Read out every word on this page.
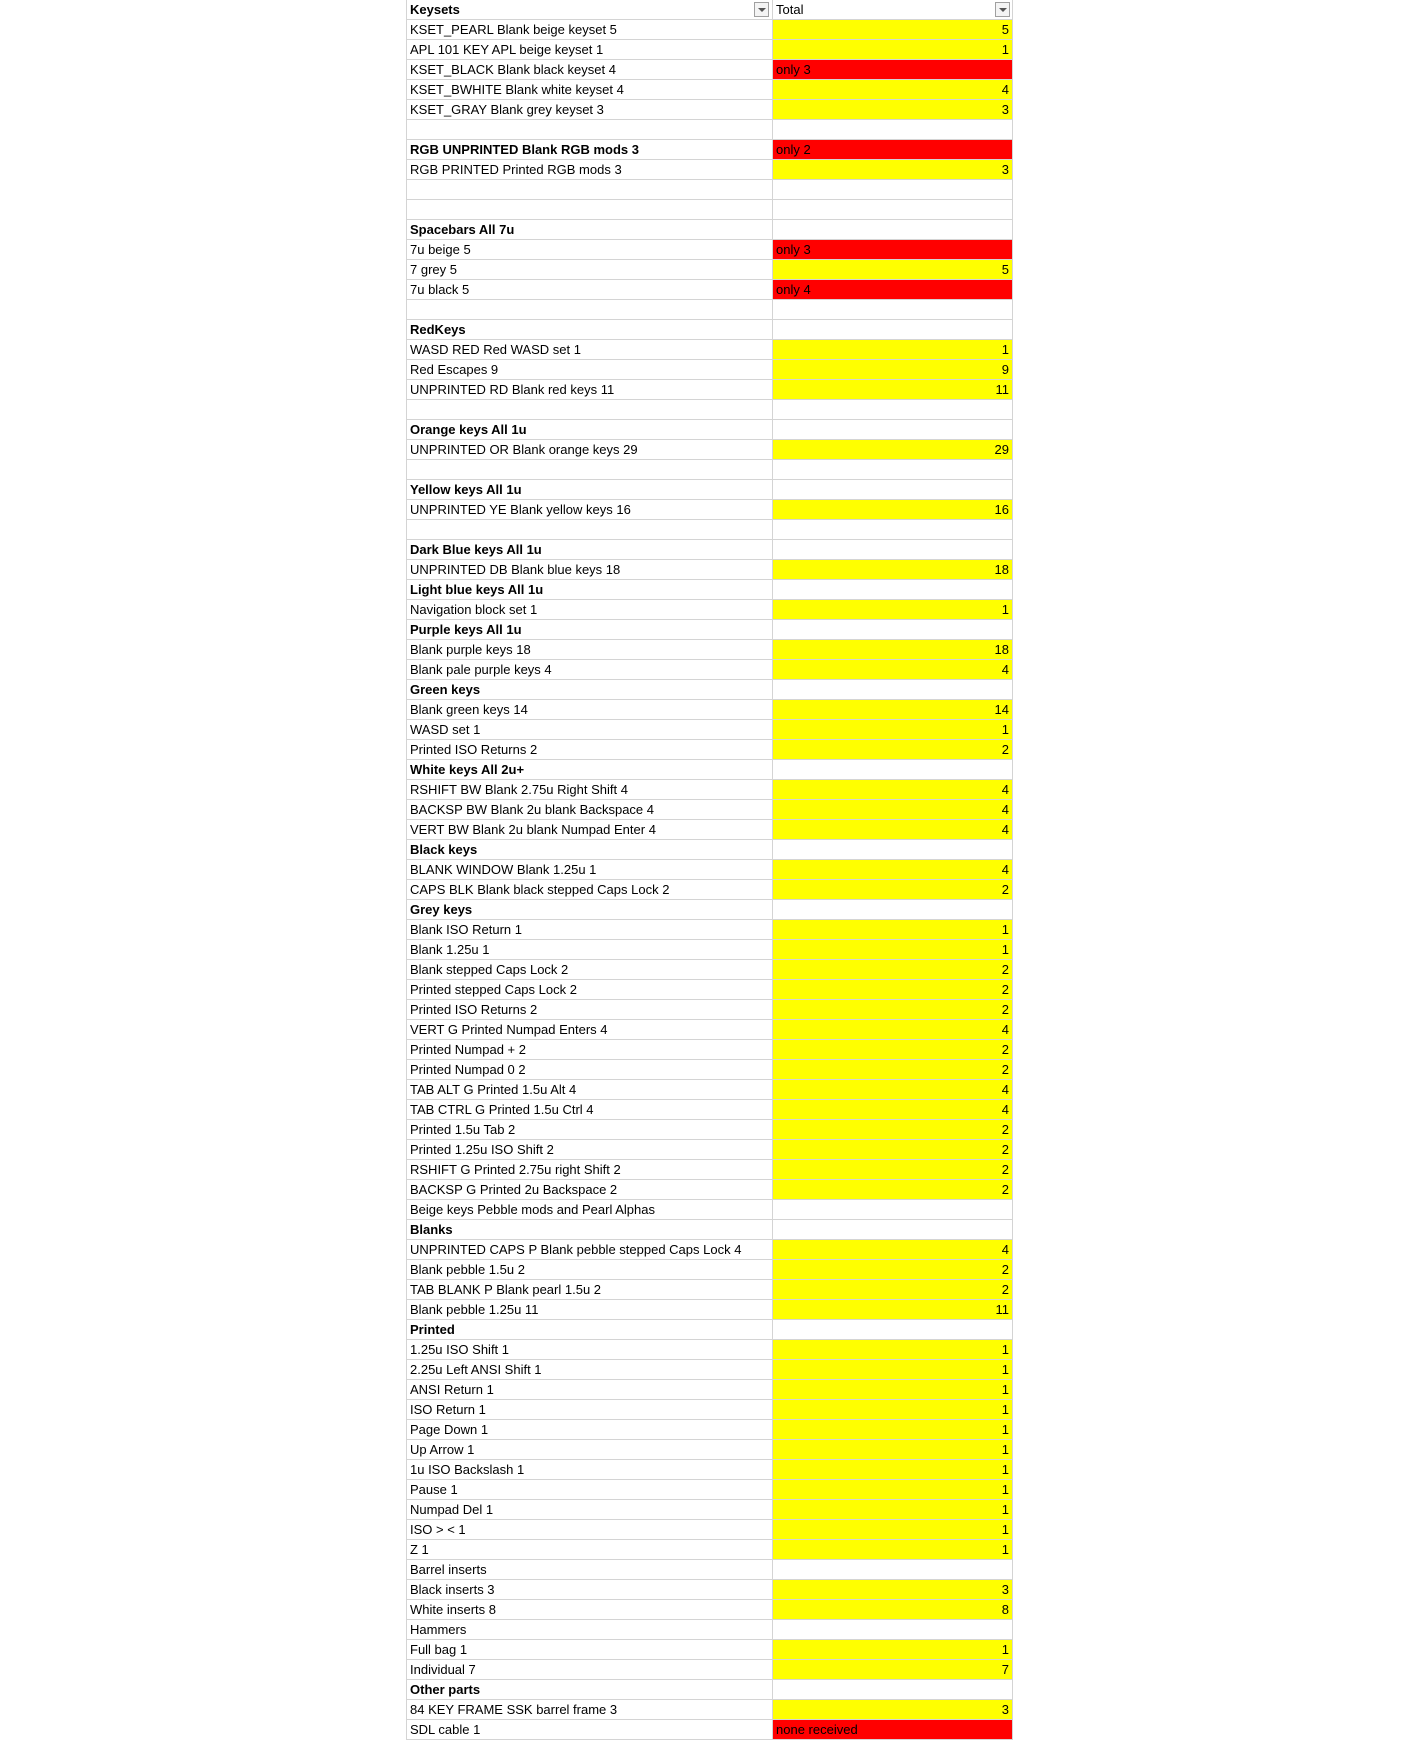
Keysets	Total
KSET_PEARL Blank beige keyset 5	5
APL 101 KEY APL beige keyset 1	1
KSET_BLACK Blank black keyset 4	only 3
KSET_BWHITE Blank white keyset 4	4
KSET_GRAY Blank grey keyset 3	3
RGB UNPRINTED Blank RGB mods 3	only 2
RGB PRINTED Printed RGB mods 3	3
Spacebars All 7u
7u beige 5	only 3
7 grey 5	5
7u black 5	only 4
RedKeys
WASD RED Red WASD set 1	1
Red Escapes 9	9
UNPRINTED RD Blank red keys 11	11
Orange keys All 1u
UNPRINTED OR Blank orange keys 29	29
Yellow keys All 1u
UNPRINTED YE Blank yellow keys 16	16
Dark Blue keys All 1u
UNPRINTED DB Blank blue keys 18	18
Light blue keys All 1u
Navigation block set 1	1
Purple keys All 1u
Blank purple keys 18	18
Blank pale purple keys 4	4
Green keys
Blank green keys 14	14
WASD set 1	1
Printed ISO Returns 2	2
White keys All 2u+
RSHIFT BW Blank 2.75u Right Shift 4	4
BACKSP BW Blank 2u blank Backspace 4	4
VERT BW Blank 2u blank Numpad Enter 4	4
Black keys
BLANK WINDOW Blank 1.25u 1	4
CAPS BLK Blank black stepped Caps Lock 2	2
Grey keys
Blank ISO Return 1	1
Blank 1.25u 1	1
Blank stepped Caps Lock 2	2
Printed stepped Caps Lock 2	2
Printed ISO Returns 2	2
VERT G Printed Numpad Enters 4	4
Printed Numpad + 2	2
Printed Numpad 0 2	2
TAB ALT G Printed 1.5u Alt 4	4
TAB CTRL G Printed 1.5u Ctrl 4	4
Printed 1.5u Tab 2	2
Printed 1.25u ISO Shift 2	2
RSHIFT G Printed 2.75u right Shift 2	2
BACKSP G Printed 2u Backspace 2	2
Beige keys Pebble mods and Pearl Alphas
Blanks
UNPRINTED CAPS P Blank pebble stepped Caps Lock 4	4
Blank pebble 1.5u 2	2
TAB BLANK P Blank pearl 1.5u 2	2
Blank pebble 1.25u 11	11
Printed
1.25u ISO Shift 1	1
2.25u Left ANSI Shift 1	1
ANSI Return 1	1
ISO Return 1	1
Page Down 1	1
Up Arrow 1	1
1u ISO Backslash 1	1
Pause 1	1
Numpad Del 1	1
ISO > < 1	1
Z 1	1
Barrel inserts
Black inserts 3	3
White inserts 8	8
Hammers
Full bag 1	1
Individual 7	7
Other parts
84 KEY FRAME SSK barrel frame 3	3
SDL cable 1	none received
